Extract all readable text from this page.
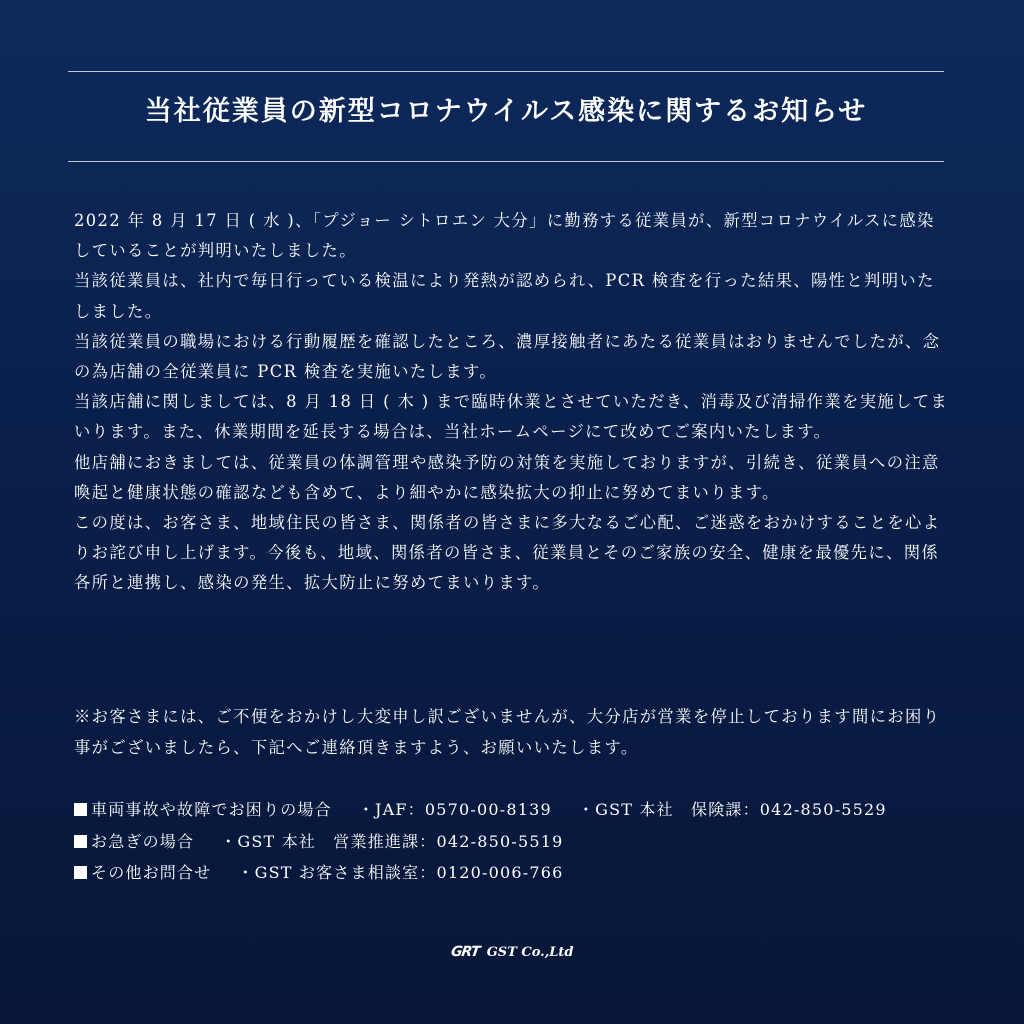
当社従業員の新型コロナウイルス感染に関するお知らせ

2022 年 8 月 17 日 ( 水 )、「プジョー シトロエン 大分」に勤務する従業員が、新型コロナウイルスに感染していることが判明いたしました。

当該従業員は、社内で毎日行っている検温により発熱が認められ、PCR 検査を行った結果、陽性と判明いたしました。

当該従業員の職場における行動履歴を確認したところ、濃厚接触者にあたる従業員はおりませんでしたが、念の為店舗の全従業員に PCR 検査を実施いたします。

当該店舗に関しましては、8 月 18 日 ( 木 ) まで臨時休業とさせていただき、消毒及び清掃作業を実施してまいります。また、休業期間を延長する場合は、当社ホームページにて改めてご案内いたします。

他店舗におきましては、従業員の体調管理や感染予防の対策を実施しておりますが、引続き、従業員への注意喚起と健康状態の確認なども含めて、より細やかに感染拡大の抑止に努めてまいります。

この度は、お客さま、地域住民の皆さま、関係者の皆さまに多大なるご心配、ご迷惑をおかけすることを心よりお詫び申し上げます。今後も、地域、関係者の皆さま、従業員とそのご家族の安全、健康を最優先に、関係各所と連携し、感染の発生、拡大防止に努めてまいります。

※お客さまには、ご不便をおかけし大変申し訳ございませんが、大分店が営業を停止しております間にお困り事がございましたら、下記へご連絡頂きますよう、お願いいたします。

車両事故や故障でお困りの場合 ・JAF：0570-00-8139 ・GST 本社　保険課：042-850-5529
お急ぎの場合 ・GST 本社　営業推進課：042-850-5519
その他お問合せ ・GST お客さま相談室：0120-006-766
GRT GST Co.,Ltd
